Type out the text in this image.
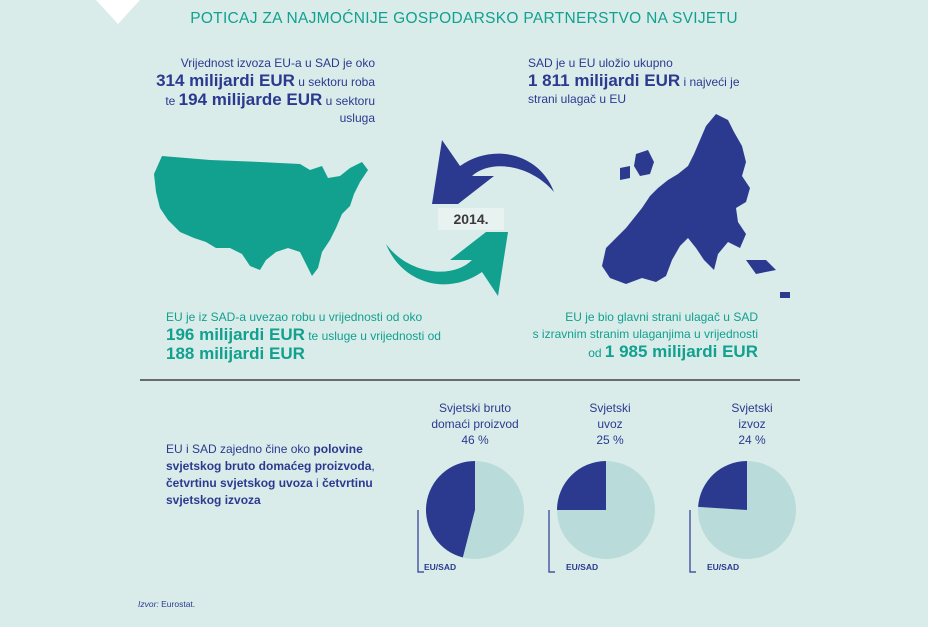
POTICAJ ZA NAJMOĆNIJE GOSPODARSKO PARTNERSTVO NA SVIJETU
Vrijednost izvoza EU-a u SAD je oko
314 milijardi EUR u sektoru roba
te 194 milijarde EUR u sektoru
usluga
SAD je u EU uložio ukupno
1 811 milijardi EUR i najveći je
strani ulagač u EU
2014.
EU je iz SAD-a uvezao robu u vrijednosti od oko
196 milijardi EUR te usluge u vrijednosti od
188 milijardi EUR
EU je bio glavni strani ulagač u SAD
s izravnim stranim ulaganjima u vrijednosti
od 1 985 milijardi EUR
EU i SAD zajedno čine oko polovine
svjetskog bruto domaćeg proizvoda,
četvrtinu svjetskog uvoza i četvrtinu
svjetskog izvoza
Svjetski bruto
domaći proizvod
46 %
Svjetski
uvoz
25 %
Svjetski
izvoz
24 %
EU/SAD	EU/SAD	EU/SAD
Izvor: Eurostat.
